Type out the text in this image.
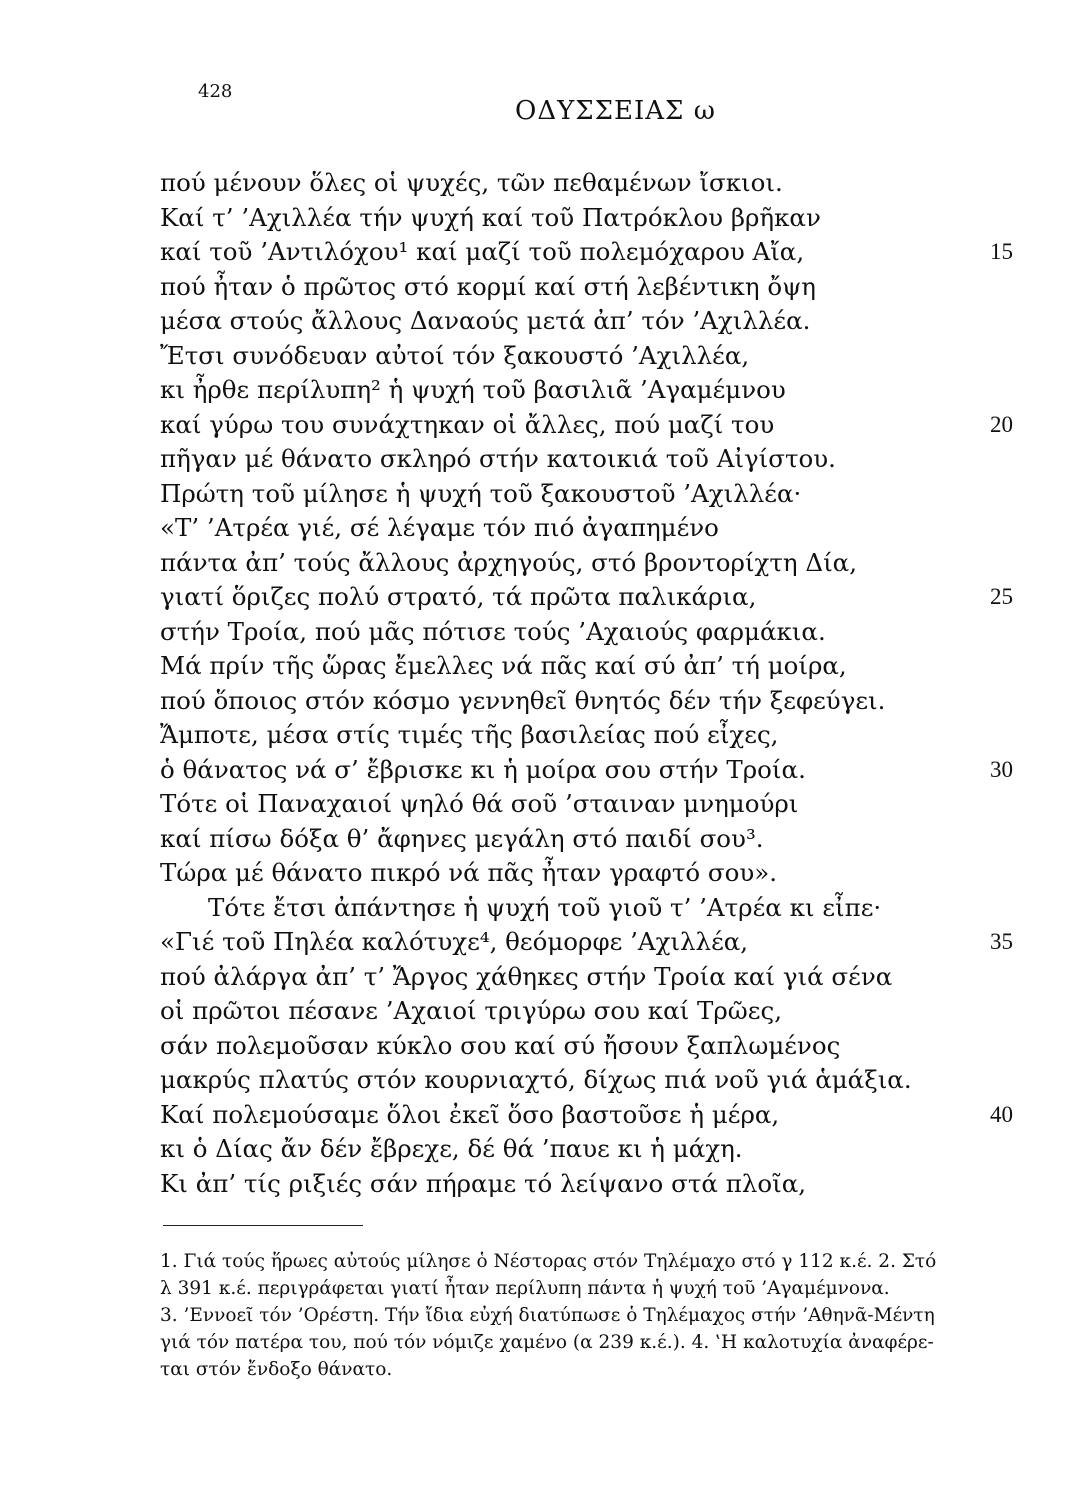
428
ΟΔΥΣΣΕΙΑΣ ω
πού μένουν ὅλες οἱ ψυχές, τῶν πεθαμένων ἴσκιοι.
Καί τ’ ’Αχιλλέα τήν ψυχή καί τοῦ Πατρόκλου βρῆκαν
καί τοῦ ’Αντιλόχου¹ καί μαζί τοῦ πολεμόχαρου Αἴα,	15
πού ἦταν ὁ πρῶτος στό κορμί καί στή λεβέντικη ὄψη
μέσα στούς ἄλλους Δαναούς μετά ἀπ’ τόν ’Αχιλλέα.
Ἔτσι συνόδευαν αὐτοί τόν ξακουστό ’Αχιλλέα,
κι ἦρθε περίλυπη² ἡ ψυχή τοῦ βασιλιᾶ ’Αγαμέμνου
καί γύρω του συνάχτηκαν οἱ ἄλλες, πού μαζί του	20
πῆγαν μέ θάνατο σκληρό στήν κατοικιά τοῦ Αἰγίστου.
Πρώτη τοῦ μίλησε ἡ ψυχή τοῦ ξακουστοῦ ’Αχιλλέα·
«Τ’ ’Ατρέα γιέ, σέ λέγαμε τόν πιό ἀγαπημένο
πάντα ἀπ’ τούς ἄλλους ἀρχηγούς, στό βροντορίχτη Δία,
γιατί ὅριζες πολύ στρατό, τά πρῶτα παλικάρια,	25
στήν Τροία, πού μᾶς πότισε τούς ’Αχαιούς φαρμάκια.
Μά πρίν τῆς ὥρας ἔμελλες νά πᾶς καί σύ ἀπ’ τή μοίρα,
πού ὅποιος στόν κόσμο γεννηθεῖ θνητός δέν τήν ξεφεύγει.
Ἄμποτε, μέσα στίς τιμές τῆς βασιλείας πού εἶχες,
ὁ θάνατος νά σ’ ἔβρισκε κι ἡ μοίρα σου στήν Τροία.	30
Τότε οἱ Παναχαιοί ψηλό θά σοῦ ’σταιναν μνημούρι
καί πίσω δόξα θ’ ἄφηνες μεγάλη στό παιδί σου³.
Τώρα μέ θάνατο πικρό νά πᾶς ἦταν γραφτό σου».
Τότε ἔτσι ἀπάντησε ἡ ψυχή τοῦ γιοῦ τ’ ’Ατρέα κι εἶπε·
«Γιέ τοῦ Πηλέα καλότυχε⁴, θεόμορφε ’Αχιλλέα,	35
πού ἀλάργα ἀπ’ τ’ Ἄργος χάθηκες στήν Τροία καί γιά σένα
οἱ πρῶτοι πέσανε ’Αχαιοί τριγύρω σου καί Τρῶες,
σάν πολεμοῦσαν κύκλο σου καί σύ ἤσουν ξαπλωμένος
μακρύς πλατύς στόν κουρνιαχτό, δίχως πιά νοῦ γιά ἁμάξια.
Καί πολεμούσαμε ὅλοι ἐκεῖ ὅσο βαστοῦσε ἡ μέρα,	40
κι ὁ Δίας ἄν δέν ἔβρεχε, δέ θά ’παυε κι ἡ μάχη.
Κι ἀπ’ τίς ριξιές σάν πήραμε τό λείψανο στά πλοῖα,
1. Γιά τούς ἥρωες αὐτούς μίλησε ὁ Νέστορας στόν Τηλέμαχο στό γ 112 κ.έ. 2. Στό
λ 391 κ.έ. περιγράφεται γιατί ἦταν περίλυπη πάντα ἡ ψυχή τοῦ ’Αγαμέμνονα.
3. ’Εννοεῖ τόν ’Ορέστη. Τήν ἴδια εὐχή διατύπωσε ὁ Τηλέμαχος στήν ’Αθηνᾶ-Μέντη
γιά τόν πατέρα του, πού τόν νόμιζε χαμένο (α 239 κ.έ.). 4. ‛Η καλοτυχία ἀναφέρε-
ται στόν ἔνδοξο θάνατο.
